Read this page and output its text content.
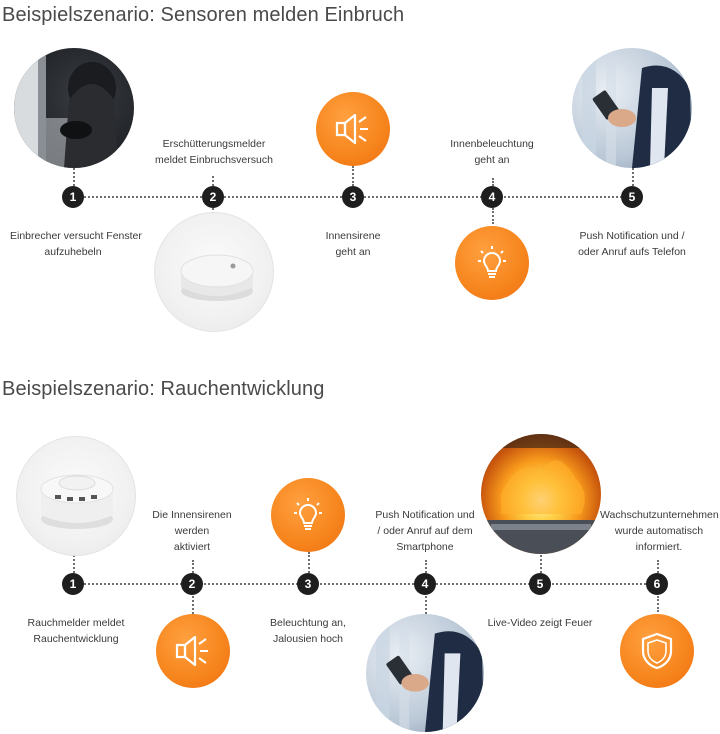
Beispielszenario: Sensoren melden Einbruch
1	2	3	4	5
Einbrecher versucht Fenster
aufzuhebeln
Erschütterungsmelder
meldet Einbruchsversuch
Innensirene
geht an
Innenbeleuchtung
geht an
Push Notification und /
oder Anruf aufs Telefon
Beispielszenario: Rauchentwicklung
1	2	3	4	5	6
Rauchmelder meldet
Rauchentwicklung
Die Innensirenen
werden
aktiviert
Beleuchtung an,
Jalousien hoch
Push Notification und
/ oder Anruf auf dem
Smartphone
Live-Video zeigt Feuer
Wachschutzunternehmen
wurde automatisch
informiert.
